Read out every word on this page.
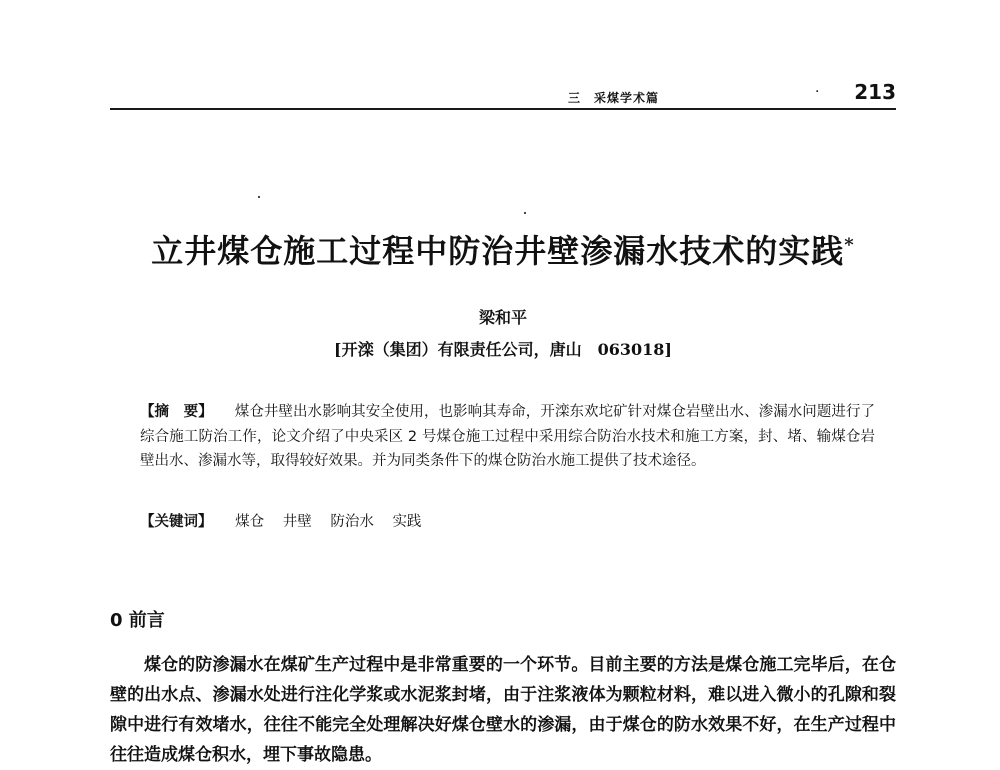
三　采煤学术篇	· 213
立井煤仓施工过程中防治井壁渗漏水技术的实践*
梁和平
[开滦（集团）有限责任公司，唐山　063018]
【摘　要】 煤仓井壁出水影响其安全使用，也影响其寿命，开滦东欢坨矿针对煤仓岩壁出水、渗漏水问题进行了综合施工防治工作，论文介绍了中央采区 2 号煤仓施工过程中采用综合防治水技术和施工方案，封、堵、输煤仓岩壁出水、渗漏水等，取得较好效果。并为同类条件下的煤仓防治水施工提供了技术途径。
【关键词】 煤仓 井壁 防治水 实践
0 前言
煤仓的防渗漏水在煤矿生产过程中是非常重要的一个环节。目前主要的方法是煤仓施工完毕后，在仓壁的出水点、渗漏水处进行注化学浆或水泥浆封堵，由于注浆液体为颗粒材料，难以进入微小的孔隙和裂隙中进行有效堵水，往往不能完全处理解决好煤仓壁水的渗漏，由于煤仓的防水效果不好，在生产过程中往往造成煤仓积水，埋下事故隐患。
